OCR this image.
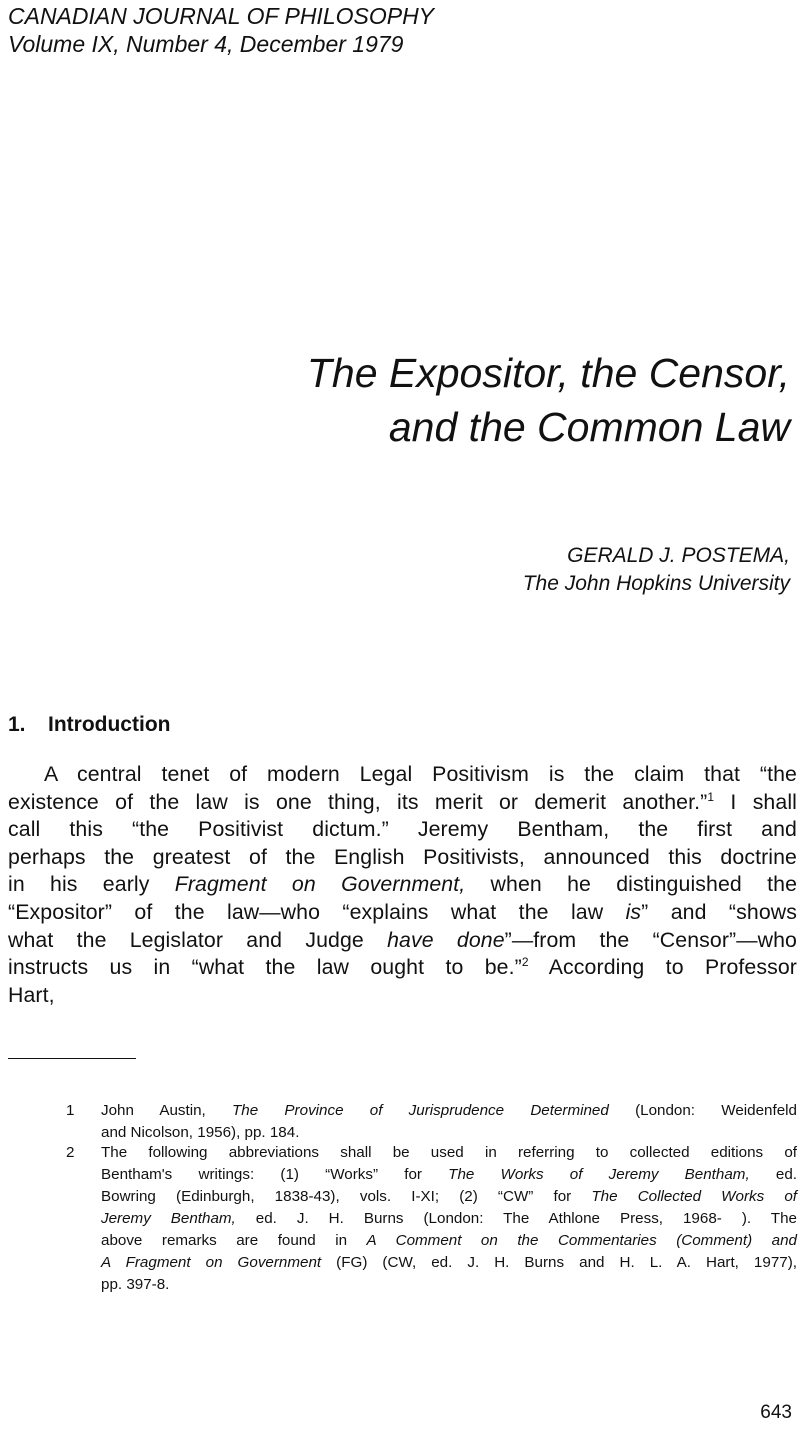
CANADIAN JOURNAL OF PHILOSOPHY
Volume IX, Number 4, December 1979
The Expositor, the Censor,
and the Common Law
GERALD J. POSTEMA,
The John Hopkins University
1. Introduction
A central tenet of modern Legal Positivism is the claim that “the
existence of the law is one thing, its merit or demerit another.”$^1$ I shall
call this “the Positivist dictum.” Jeremy Bentham, the first and
perhaps the greatest of the English Positivists, announced this doctrine
in his early Fragment on Government, when he distinguished the
“Expositor” of the law—who “explains what the law is” and “shows
what the Legislator and Judge have done”—from the “Censor”—who
instructs us in “what the law ought to be.”$^2$ According to Professor
Hart,
1 John Austin, The Province of Jurisprudence Determined (London: Weidenfeld
and Nicolson, 1956), pp. 184.
2 The following abbreviations shall be used in referring to collected editions of
Bentham's writings: (1) “Works” for The Works of Jeremy Bentham, ed.
Bowring (Edinburgh, 1838-43), vols. I-XI; (2) “CW” for The Collected Works of
Jeremy Bentham, ed. J. H. Burns (London: The Athlone Press, 1968- ). The
above remarks are found in A Comment on the Commentaries (Comment) and
A Fragment on Government (FG) (CW, ed. J. H. Burns and H. L. A. Hart, 1977),
pp. 397-8.
643
